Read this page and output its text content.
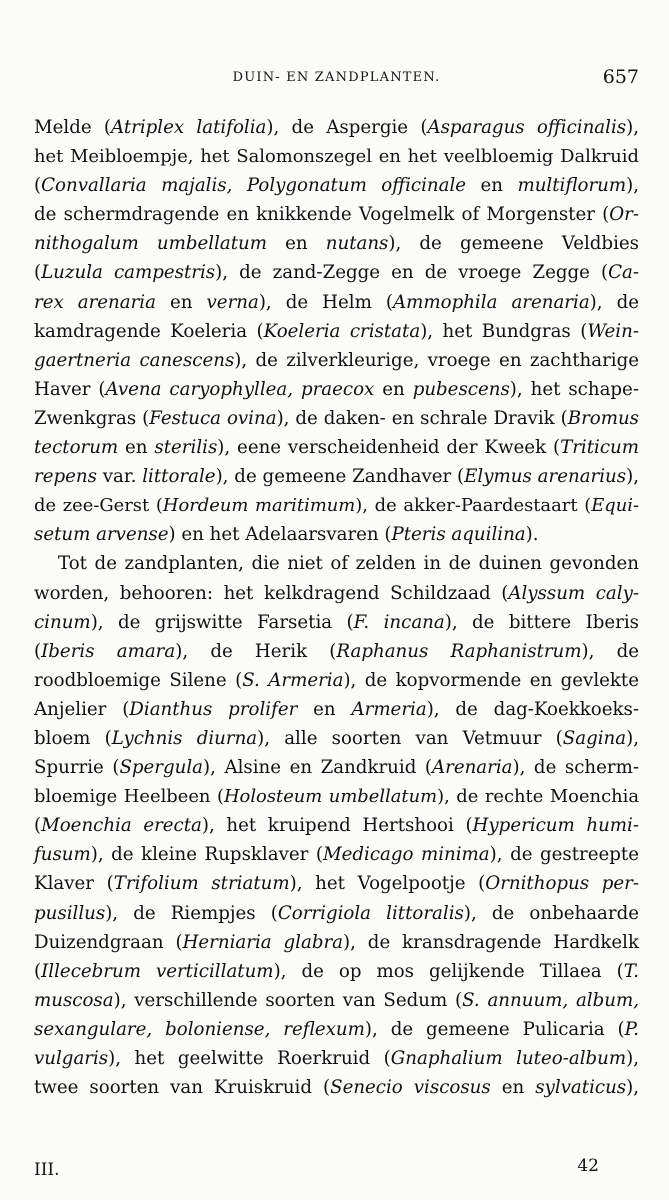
DUIN- EN ZANDPLANTEN.	657
Melde (Atriplex latifolia), de Aspergie (Asparagus officinalis),
het Meibloempje, het Salomonszegel en het veelbloemig Dalkruid
(Convallaria majalis, Polygonatum officinale en multiflorum),
de schermdragende en knikkende Vogelmelk of Morgenster (Or-
nithogalum umbellatum en nutans), de gemeene Veldbies
(Luzula campestris), de zand-Zegge en de vroege Zegge (Ca-
rex arenaria en verna), de Helm (Ammophila arenaria), de
kamdragende Koeleria (Koeleria cristata), het Bundgras (Wein-
gaertneria canescens), de zilverkleurige, vroege en zachtharige
Haver (Avena caryophyllea, praecox en pubescens), het schape-
Zwenkgras (Festuca ovina), de daken- en schrale Dravik (Bromus
tectorum en sterilis), eene verscheidenheid der Kweek (Triticum
repens var. littorale), de gemeene Zandhaver (Elymus arenarius),
de zee-Gerst (Hordeum maritimum), de akker-Paardestaart (Equi-
setum arvense) en het Adelaarsvaren (Pteris aquilina).
Tot de zandplanten, die niet of zelden in de duinen gevonden
worden, behooren: het kelkdragend Schildzaad (Alyssum caly-
cinum), de grijswitte Farsetia (F. incana), de bittere Iberis
(Iberis amara), de Herik (Raphanus Raphanistrum), de
roodbloemige Silene (S. Armeria), de kopvormende en gevlekte
Anjelier (Dianthus prolifer en Armeria), de dag-Koekkoeks-
bloem (Lychnis diurna), alle soorten van Vetmuur (Sagina),
Spurrie (Spergula), Alsine en Zandkruid (Arenaria), de scherm-
bloemige Heelbeen (Holosteum umbellatum), de rechte Moenchia
(Moenchia erecta), het kruipend Hertshooi (Hypericum humi-
fusum), de kleine Rupsklaver (Medicago minima), de gestreepte
Klaver (Trifolium striatum), het Vogelpootje (Ornithopus per-
pusillus), de Riempjes (Corrigiola littoralis), de onbehaarde
Duizendgraan (Herniaria glabra), de kransdragende Hardkelk
(Illecebrum verticillatum), de op mos gelijkende Tillaea (T.
muscosa), verschillende soorten van Sedum (S. annuum, album,
sexangulare, boloniense, reflexum), de gemeene Pulicaria (P.
vulgaris), het geelwitte Roerkruid (Gnaphalium luteo-album),
twee soorten van Kruiskruid (Senecio viscosus en sylvaticus),
III.	42
